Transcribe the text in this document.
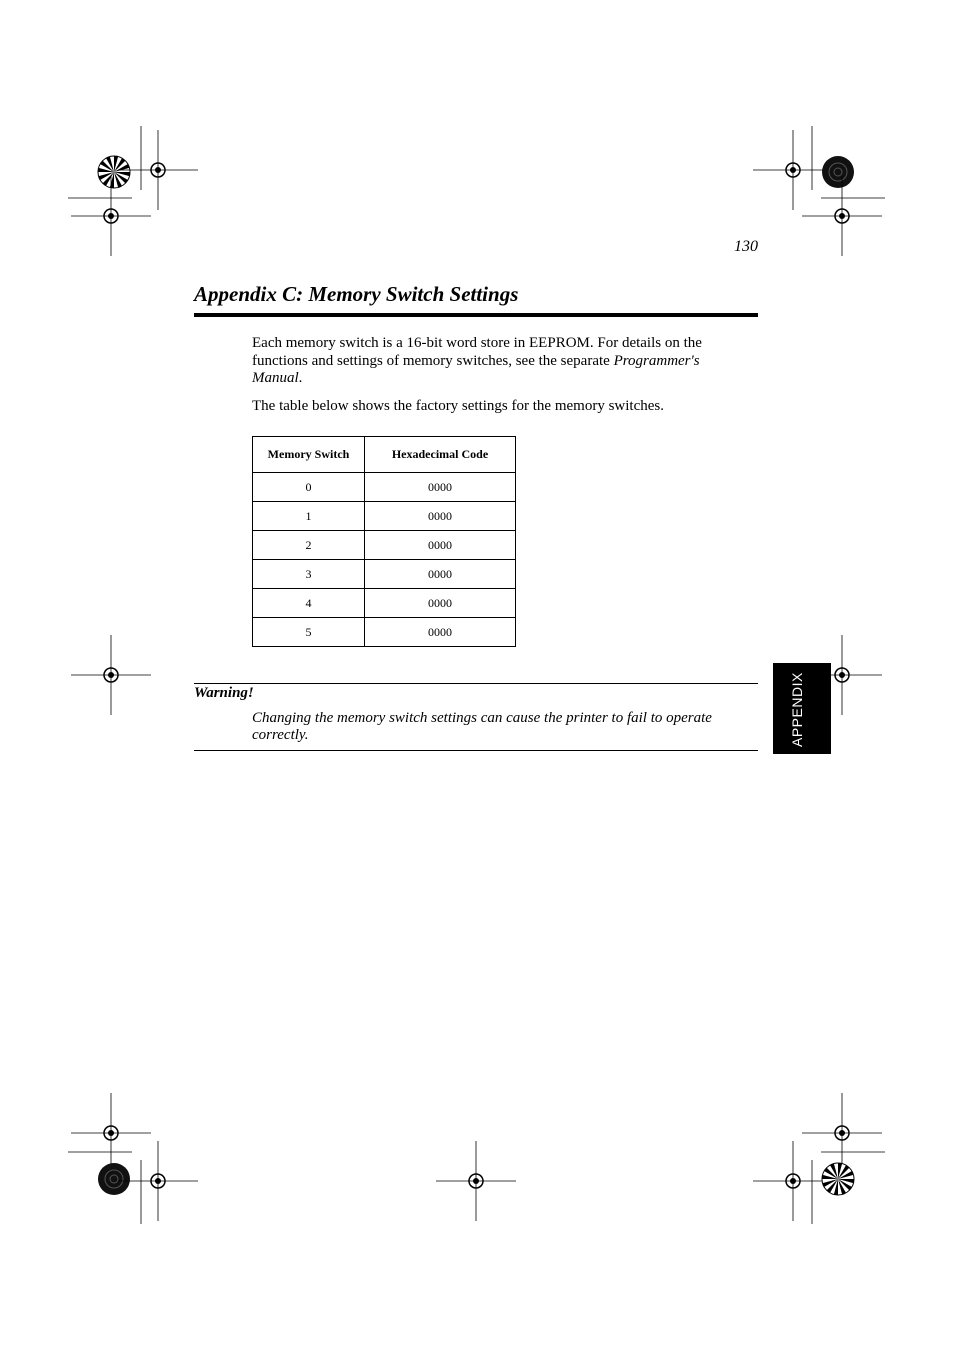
130
Appendix C: Memory Switch Settings
Each memory switch is a 16-bit word store in EEPROM. For details on the functions and settings of memory switches, see the separate Programmer's Manual.
The table below shows the factory settings for the memory switches.
Memory Switch	Hexadecimal Code
0	0000
1	0000
2	0000
3	0000
4	0000
5	0000
Warning!
Changing the memory switch settings can cause the printer to fail to operate correctly.	APPENDIX
